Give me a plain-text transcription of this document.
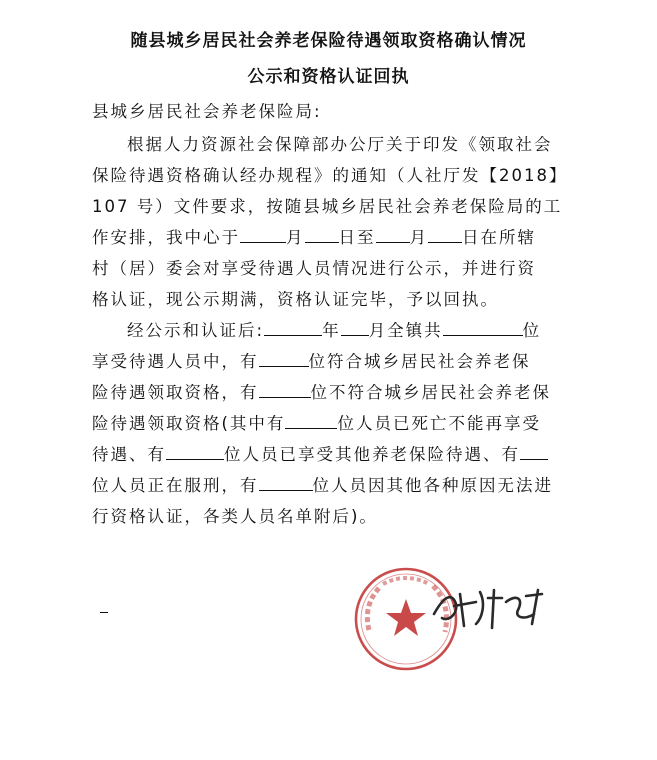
随县城乡居民社会养老保险待遇领取资格确认情况
公示和资格认证回执
县城乡居民社会养老保险局:
根据人力资源社会保障部办公厅关于印发《领取社会
保险待遇资格确认经办规程》的通知（人社厅发【2018】
107 号）文件要求，按随县城乡居民社会养老保险局的工
作安排，我中心于	月 日至 月 日在所辖
村（居）委会对享受待遇人员情况进行公示，并进行资
格认证，现公示期满，资格认证完毕，予以回执。
经公示和认证后:	年 月全镇共	位
享受待遇人员中，有	位符合城乡居民社会养老保
险待遇领取资格，有	位不符合城乡居民社会养老保
险待遇领取资格(其中有	位人员已死亡不能再享受
待遇、有	位人员已享受其他养老保险待遇、有
位人员正在服刑，有	位人员因其他各种原因无法进
行资格认证，各类人员名单附后)。
